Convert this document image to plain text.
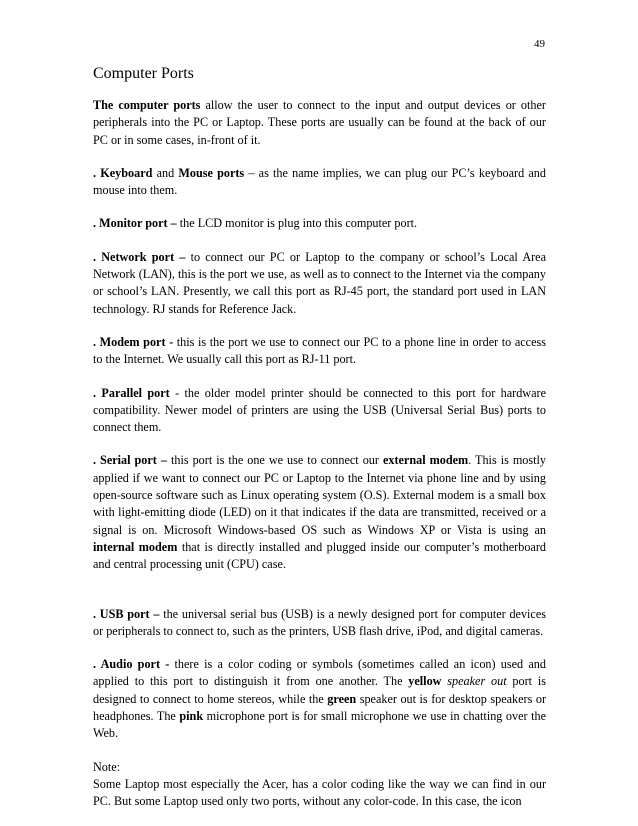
49
Computer Ports

The computer ports allow the user to connect to the input and output devices or other peripherals into the PC or Laptop. These ports are usually can be found at the back of our PC or in some cases, in-front of it.

. Keyboard and Mouse ports – as the name implies, we can plug our PC’s keyboard and mouse into them.

. Monitor port – the LCD monitor is plug into this computer port.

. Network port – to connect our PC or Laptop to the company or school’s Local Area Network (LAN), this is the port we use, as well as to connect to the Internet via the company or school’s LAN. Presently, we call this port as RJ-45 port, the standard port used in LAN technology. RJ stands for Reference Jack.

. Modem port - this is the port we use to connect our PC to a phone line in order to access to the Internet. We usually call this port as RJ-11 port.

. Parallel port - the older model printer should be connected to this port for hardware compatibility. Newer model of printers are using the USB (Universal Serial Bus) ports to connect them.

. Serial port – this port is the one we use to connect our external modem. This is mostly applied if we want to connect our PC or Laptop to the Internet via phone line and by using open-source software such as Linux operating system (O.S). External modem is a small box with light-emitting diode (LED) on it that indicates if the data are transmitted, received or a signal is on. Microsoft Windows-based OS such as Windows XP or Vista is using an internal modem that is directly installed and plugged inside our computer’s motherboard and central processing unit (CPU) case.

. USB port – the universal serial bus (USB) is a newly designed port for computer devices or peripherals to connect to, such as the printers, USB flash drive, iPod, and digital cameras.

. Audio port - there is a color coding or symbols (sometimes called an icon) used and applied to this port to distinguish it from one another. The yellow speaker out port is designed to connect to home stereos, while the green speaker out is for desktop speakers or headphones. The pink microphone port is for small microphone we use in chatting over the Web.

Note:

Some Laptop most especially the Acer, has a color coding like the way we can find in our PC. But some Laptop used only two ports, without any color-code. In this case, the icon
